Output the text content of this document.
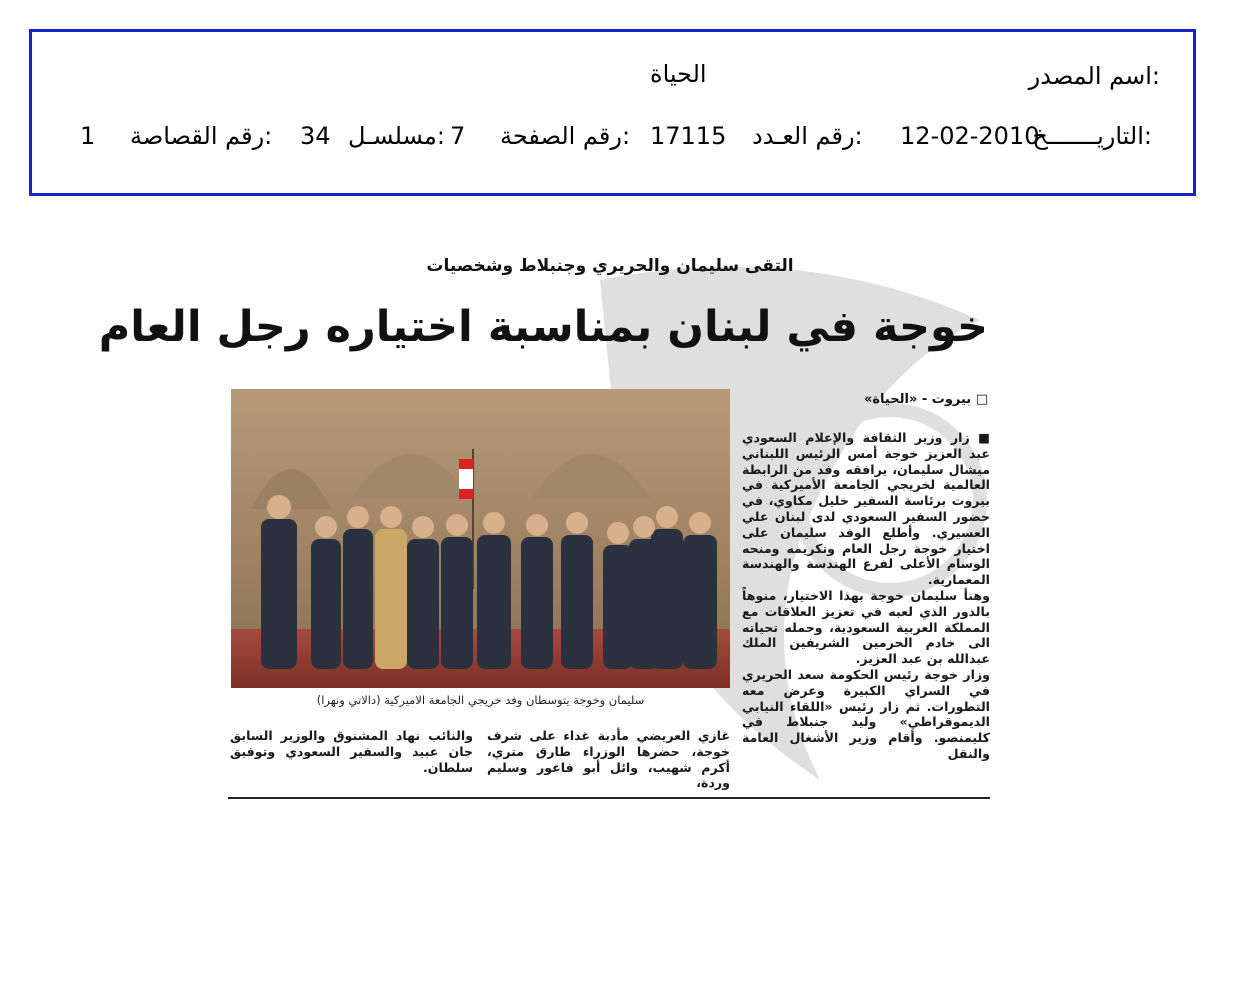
اسم المصدر:
الحياة
التاريـــــــخ:
12-02-2010
رقم العـدد:
17115
رقم الصفحة:
7
مسلسـل:
34
رقم القصاصة:
1
التقى سليمان والحريري وجنبلاط وشخصيات
خوجة في لبنان بمناسبة اختياره رجل العام
سليمان وخوجة يتوسطان وفد خريجي الجامعة الاميركية (دالاتي ونهرا)
□ بيروت - «الحياة»

■ زار وزير الثقافة والإعلام السعودي عبد العزيز خوجة أمس الرئيس اللبناني ميشال سليمان، يرافقه وفد من الرابطة العالمية لخريجي الجامعة الأميركية في بيروت برئاسة السفير خليل مكاوي، في حضور السفير السعودي لدى لبنان علي العسيري. وأطلع الوفد سليمان على اختيار خوجة رجل العام وتكريمه ومنحه الوسام الأعلى لفرع الهندسة والهندسة المعمارية.

وهنأ سليمان خوجة بهذا الاختيار، منوهاً بالدور الذي لعبه في تعزيز العلاقات مع المملكة العربية السعودية، وحمله تحياته الى خادم الحرمين الشريفين الملك عبدالله بن عبد العزيز.

وزار خوجة رئيس الحكومة سعد الحريري في السراي الكبيرة وعرض معه التطورات. ثم زار رئيس «اللقاء النيابي الديموقراطي» وليد جنبلاط في كليمنصو. وأقام وزير الأشغال العامة والنقل

غازي العريضي مأدبة غداء على شرف خوجة، حضرها الوزراء طارق متري، أكرم شهيب، وائل أبو فاعور وسليم وردة،

والنائب نهاد المشنوق والوزير السابق جان عبيد والسفير السعودي وتوفيق سلطان.
